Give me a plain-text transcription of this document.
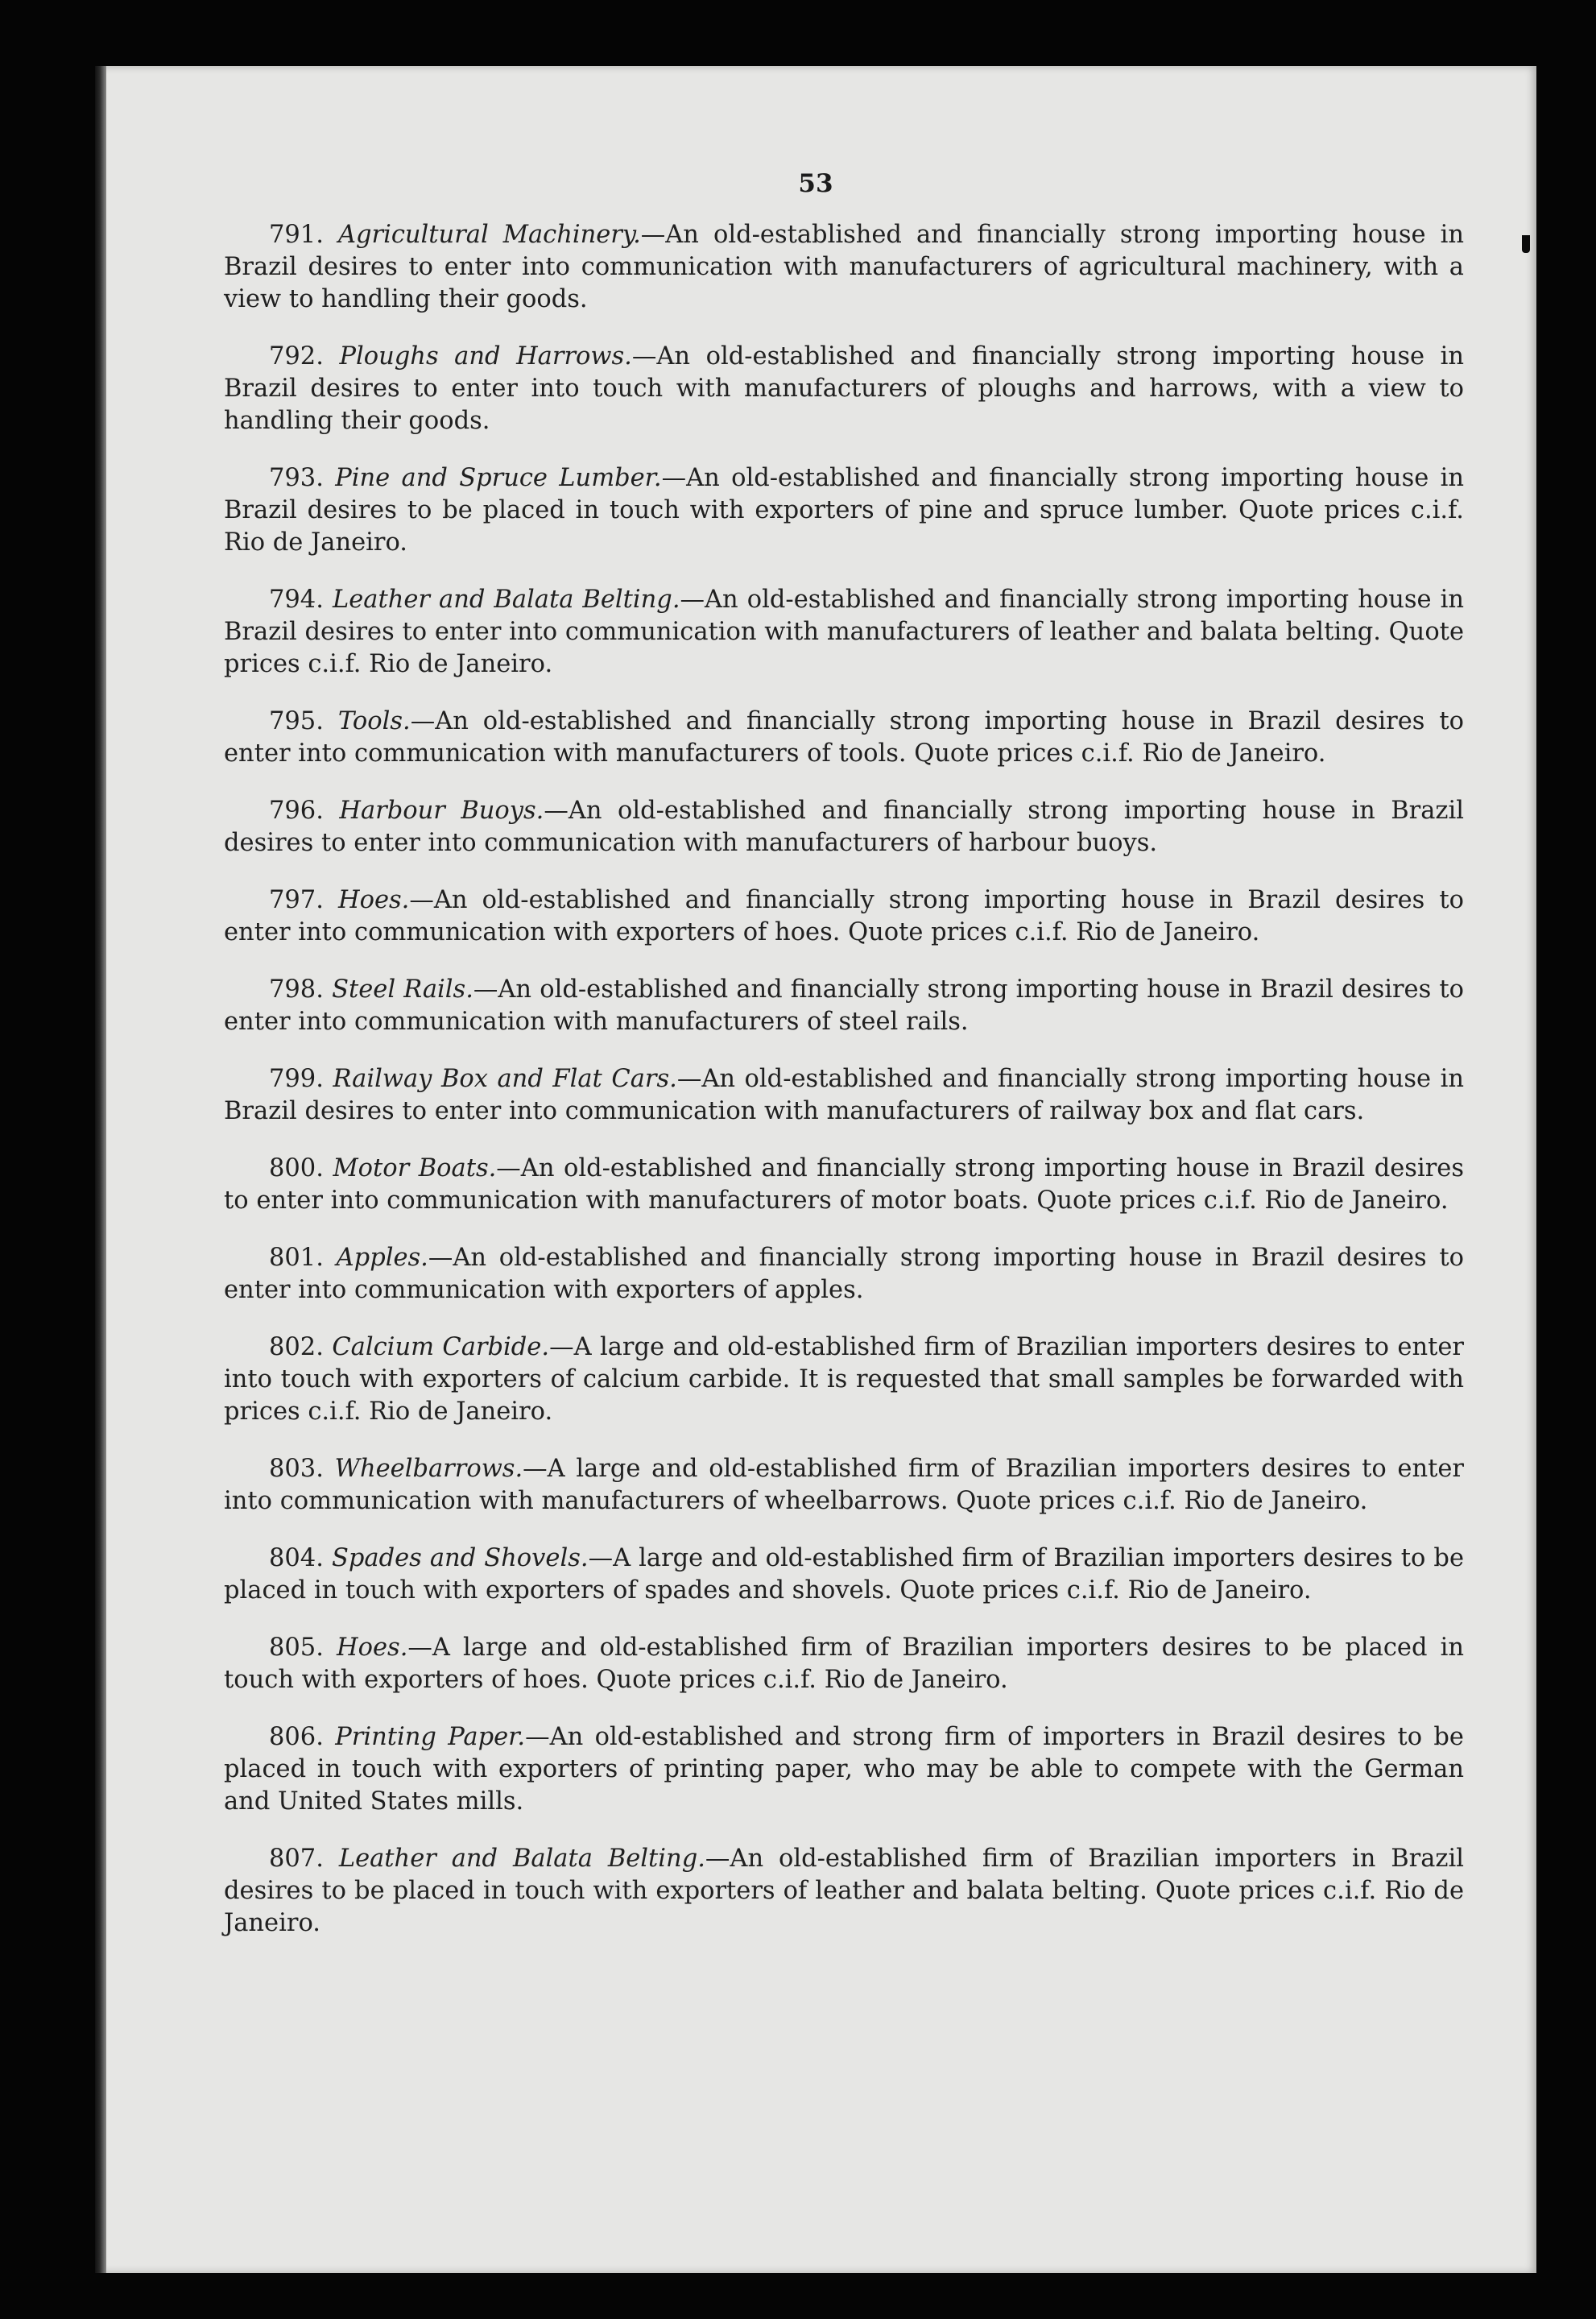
53

791. Agricultural Machinery.—An old-established and financially strong importing house in Brazil desires to enter into communication with manufacturers of agricultural machinery, with a view to handling their goods.

792. Ploughs and Harrows.—An old-established and financially strong importing house in Brazil desires to enter into touch with manufacturers of ploughs and harrows, with a view to handling their goods.

793. Pine and Spruce Lumber.—An old-established and financially strong importing house in Brazil desires to be placed in touch with exporters of pine and spruce lumber. Quote prices c.i.f. Rio de Janeiro.

794. Leather and Balata Belting.—An old-established and financially strong importing house in Brazil desires to enter into communication with manufacturers of leather and balata belting. Quote prices c.i.f. Rio de Janeiro.

795. Tools.—An old-established and financially strong importing house in Brazil desires to enter into communication with manufacturers of tools. Quote prices c.i.f. Rio de Janeiro.

796. Harbour Buoys.—An old-established and financially strong importing house in Brazil desires to enter into communication with manufacturers of harbour buoys.

797. Hoes.—An old-established and financially strong importing house in Brazil desires to enter into communication with exporters of hoes. Quote prices c.i.f. Rio de Janeiro.

798. Steel Rails.—An old-established and financially strong importing house in Brazil desires to enter into communication with manufacturers of steel rails.

799. Railway Box and Flat Cars.—An old-established and financially strong importing house in Brazil desires to enter into communication with manufacturers of railway box and flat cars.

800. Motor Boats.—An old-established and financially strong importing house in Brazil desires to enter into communication with manufacturers of motor boats. Quote prices c.i.f. Rio de Janeiro.

801. Apples.—An old-established and financially strong importing house in Brazil desires to enter into communication with exporters of apples.

802. Calcium Carbide.—A large and old-established firm of Brazilian importers desires to enter into touch with exporters of calcium carbide. It is requested that small samples be forwarded with prices c.i.f. Rio de Janeiro.

803. Wheelbarrows.—A large and old-established firm of Brazilian importers desires to enter into communication with manufacturers of wheelbarrows. Quote prices c.i.f. Rio de Janeiro.

804. Spades and Shovels.—A large and old-established firm of Brazilian importers desires to be placed in touch with exporters of spades and shovels. Quote prices c.i.f. Rio de Janeiro.

805. Hoes.—A large and old-established firm of Brazilian importers desires to be placed in touch with exporters of hoes. Quote prices c.i.f. Rio de Janeiro.

806. Printing Paper.—An old-established and strong firm of importers in Brazil desires to be placed in touch with exporters of printing paper, who may be able to compete with the German and United States mills.

807. Leather and Balata Belting.—An old-established firm of Brazilian importers in Brazil desires to be placed in touch with exporters of leather and balata belting. Quote prices c.i.f. Rio de Janeiro.
